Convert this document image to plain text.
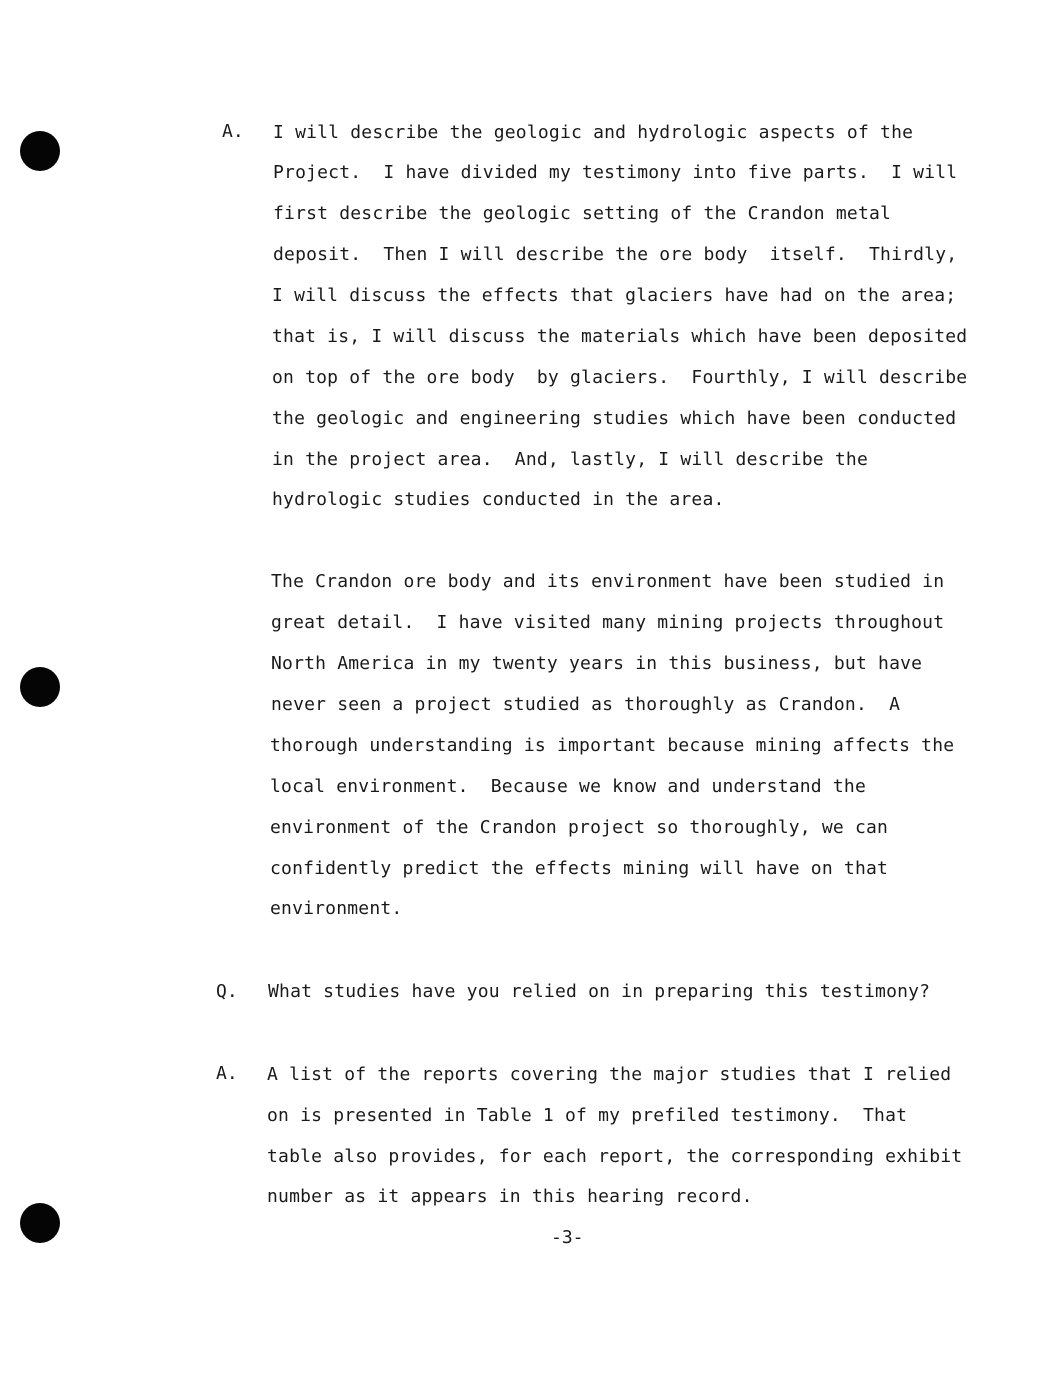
A. I will describe the geologic and hydrologic aspects of the
Project.  I have divided my testimony into five parts.  I will
first describe the geologic setting of the Crandon metal
deposit.  Then I will describe the ore body  itself.  Thirdly,
I will discuss the effects that glaciers have had on the area;
that is, I will discuss the materials which have been deposited
on top of the ore body  by glaciers.  Fourthly, I will describe
the geologic and engineering studies which have been conducted
in the project area.  And, lastly, I will describe the
hydrologic studies conducted in the area.
The Crandon ore body and its environment have been studied in
great detail.  I have visited many mining projects throughout
North America in my twenty years in this business, but have
never seen a project studied as thoroughly as Crandon.  A
thorough understanding is important because mining affects the
local environment.  Because we know and understand the
environment of the Crandon project so thoroughly, we can
confidently predict the effects mining will have on that
environment.
Q. What studies have you relied on in preparing this testimony?
A. A list of the reports covering the major studies that I relied
on is presented in Table 1 of my prefiled testimony.  That
table also provides, for each report, the corresponding exhibit
number as it appears in this hearing record.
-3-
